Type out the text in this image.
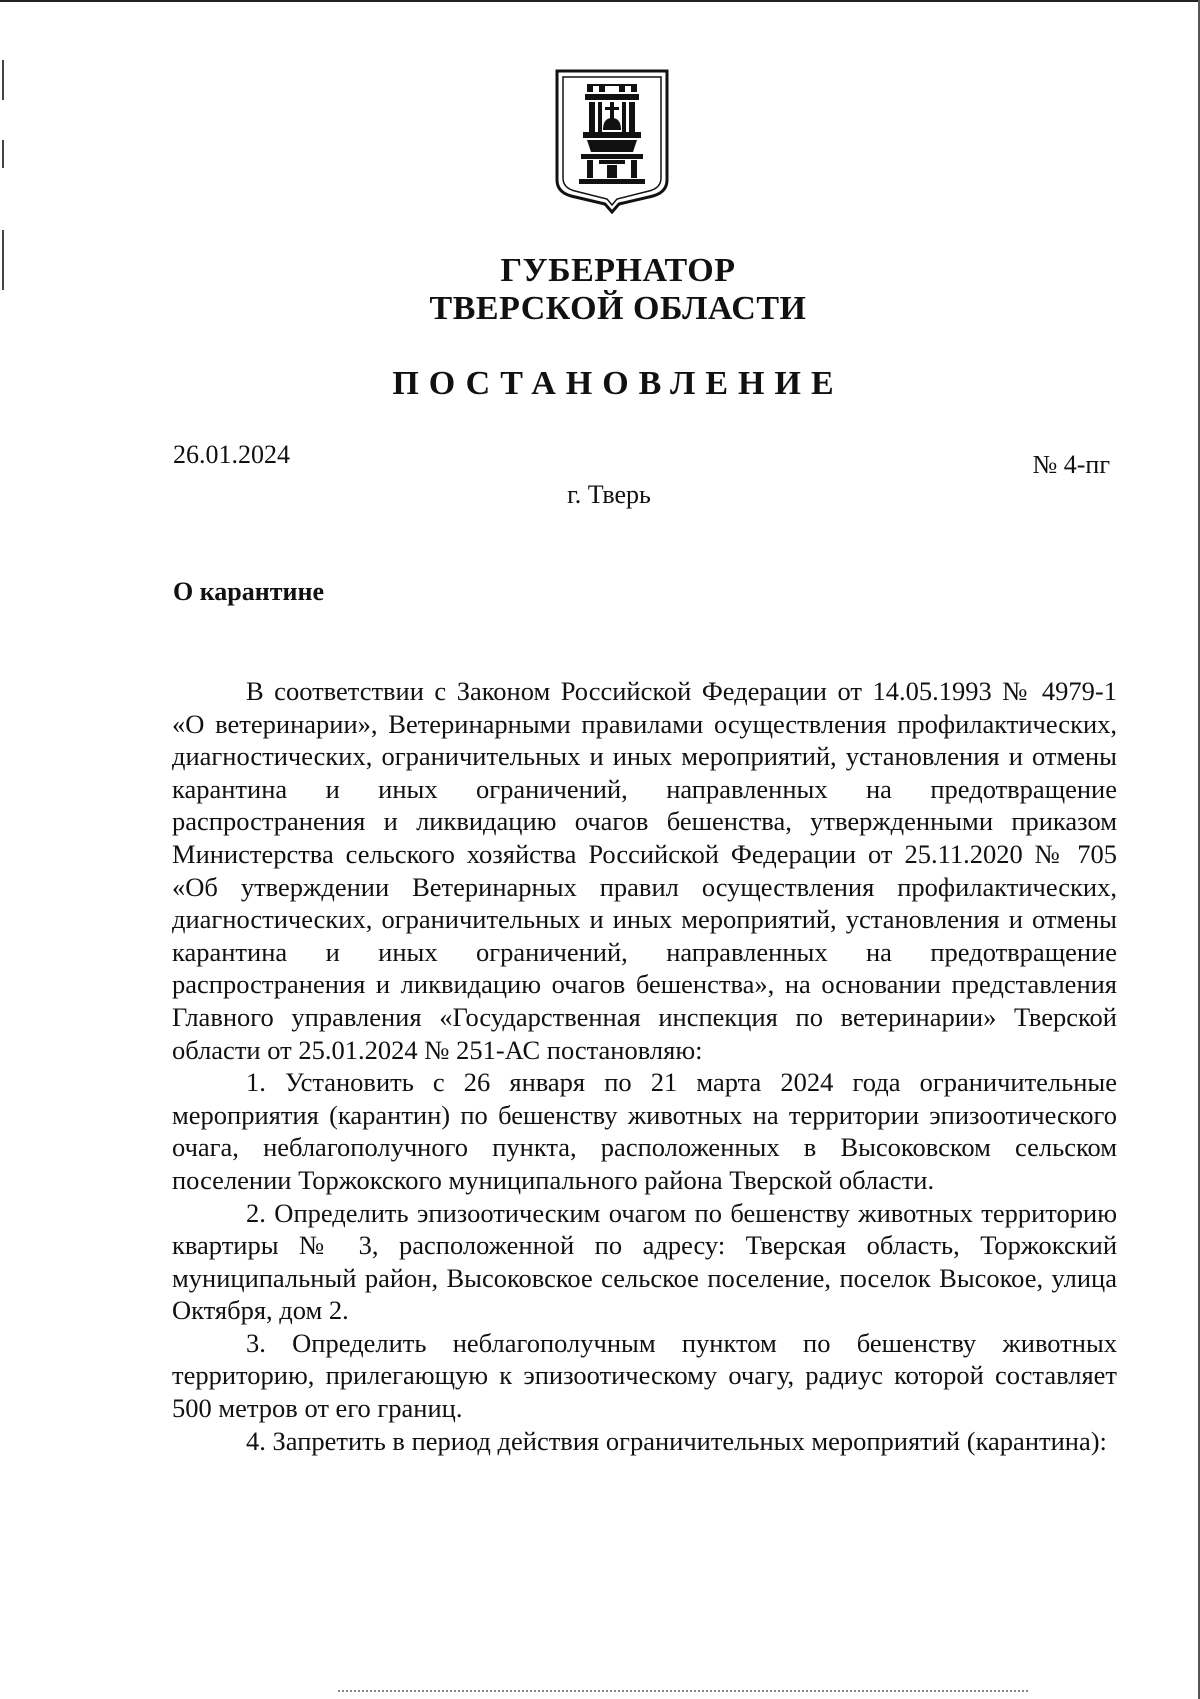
ГУБЕРНАТОР
ТВЕРСКОЙ ОБЛАСТИ
ПОСТАНОВЛЕНИЕ
26.01.2024	№ 4-пг
г. Тверь
О карантине

В соответствии с Законом Российской Федерации от 14.05.1993 № 4979-1 «О ветеринарии», Ветеринарными правилами осуществления профилактических, диагностических, ограничительных и иных мероприятий, установления и отмены карантина и иных ограничений, направленных на предотвращение распространения и ликвидацию очагов бешенства, утвержденными приказом Министерства сельского хозяйства Российской Федерации от 25.11.2020 № 705 «Об утверждении Ветеринарных правил осуществления профилактических, диагностических, ограничительных и иных мероприятий, установления и отмены карантина и иных ограничений, направленных на предотвращение распространения и ликвидацию очагов бешенства», на основании представления Главного управления «Государственная инспекция по ветеринарии» Тверской области от 25.01.2024 № 251-АС постановляю:

1. Установить с 26 января по 21 марта 2024 года ограничительные мероприятия (карантин) по бешенству животных на территории эпизоотического очага, неблагополучного пункта, расположенных в Высоковском сельском поселении Торжокского муниципального района Тверской области.

2. Определить эпизоотическим очагом по бешенству животных территорию квартиры № 3, расположенной по адресу: Тверская область, Торжокский муниципальный район, Высоковское сельское поселение, поселок Высокое, улица Октября, дом 2.

3. Определить неблагополучным пунктом по бешенству животных территорию, прилегающую к эпизоотическому очагу, радиус которой составляет 500 метров от его границ.

4. Запретить в период действия ограничительных мероприятий (карантина):
